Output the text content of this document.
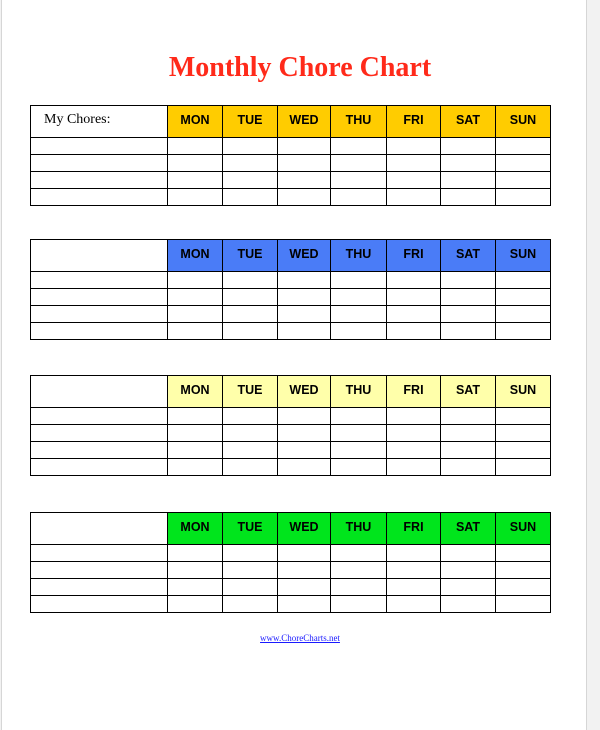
Monthly Chore Chart
My Chores:	MON	TUE	WED	THU	FRI	SAT	SUN

	MON	TUE	WED	THU	FRI	SAT	SUN

	MON	TUE	WED	THU	FRI	SAT	SUN

	MON	TUE	WED	THU	FRI	SAT	SUN

www.ChoreCharts.net
